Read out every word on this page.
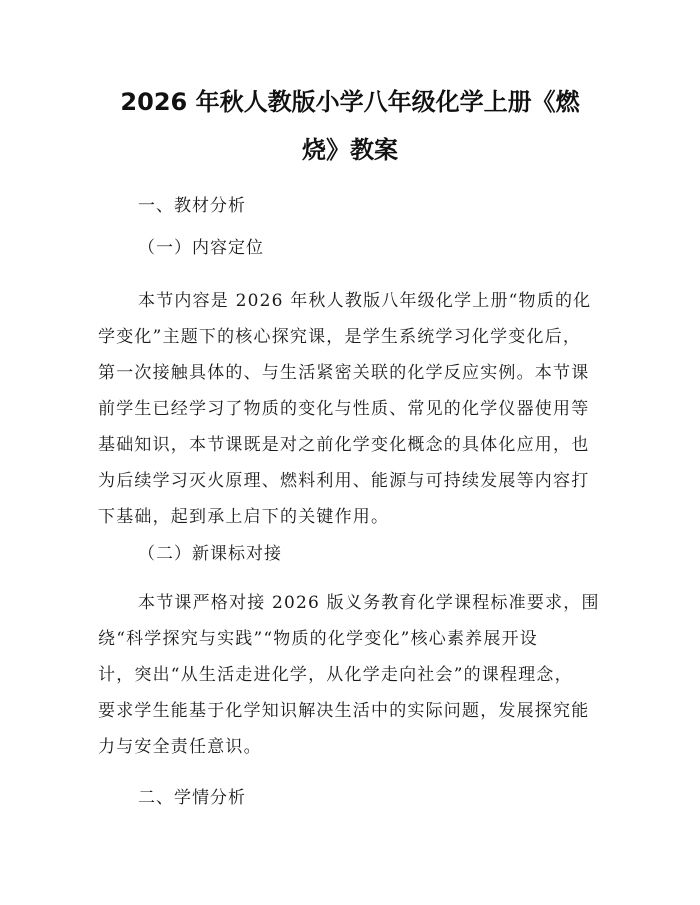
2026 年秋人教版小学八年级化学上册《燃
烧》教案
一、教材分析
（一）内容定位
本节内容是 2026 年秋人教版八年级化学上册“物质的化
学变化”主题下的核心探究课，是学生系统学习化学变化后，
第一次接触具体的、与生活紧密关联的化学反应实例。本节课
前学生已经学习了物质的变化与性质、常见的化学仪器使用等
基础知识，本节课既是对之前化学变化概念的具体化应用，也
为后续学习灭火原理、燃料利用、能源与可持续发展等内容打
下基础，起到承上启下的关键作用。
（二）新课标对接
本节课严格对接 2026 版义务教育化学课程标准要求，围
绕“科学探究与实践”“物质的化学变化”核心素养展开设
计，突出“从生活走进化学，从化学走向社会”的课程理念，
要求学生能基于化学知识解决生活中的实际问题，发展探究能
力与安全责任意识。
二、学情分析
